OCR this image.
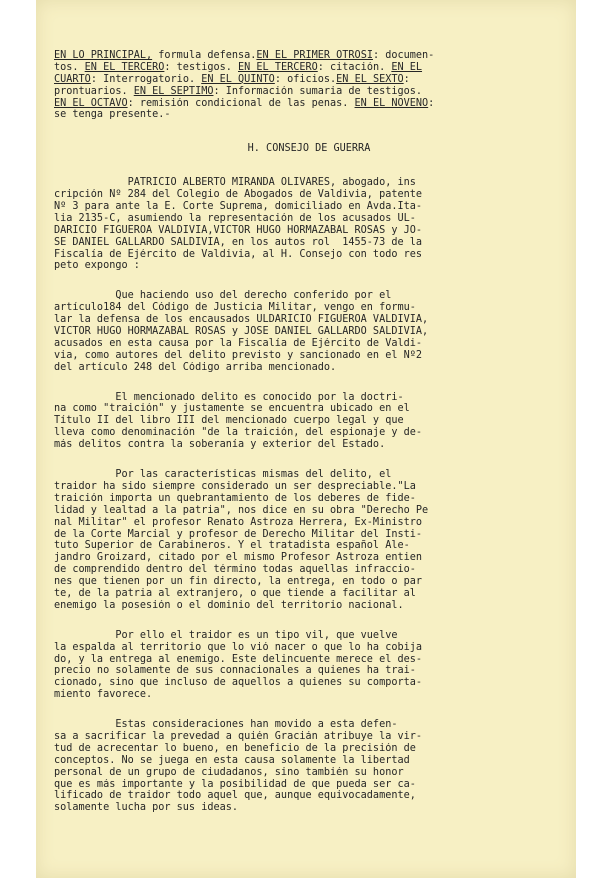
EN LO PRINCIPAL, formula defensa.EN EL PRIMER OTROSI: documen-
tos. EN EL TERCERO: testigos. EN EL TERCERO: citación. EN EL
CUARTO: Interrogatorio. EN EL QUINTO: oficios.EN EL SEXTO:
prontuarios. EN EL SEPTIMO: Información sumaria de testigos.
EN EL OCTAVO: remisión condicional de las penas. EN EL NOVENO:
se tenga presente.-
H. CONSEJO DE GUERRA
PATRICIO ALBERTO MIRANDA OLIVARES, abogado, ins
cripción Nº 284 del Colegio de Abogados de Valdivia, patente
Nº 3 para ante la E. Corte Suprema, domiciliado en Avda.Ita-
lia 2135-C, asumiendo la representación de los acusados UL-
DARICIO FIGUEROA VALDIVIA,VICTOR HUGO HORMAZABAL ROSAS y JO-
SE DANIEL GALLARDO SALDIVIA, en los autos rol  1455-73 de la
Fiscalía de Ejército de Valdivia, al H. Consejo con todo res
peto expongo :
Que haciendo uso del derecho conferido por el
artículo184 del Código de Justicia Militar, vengo en formu-
lar la defensa de los encausados ULDARICIO FIGUEROA VALDIVIA,
VICTOR HUGO HORMAZABAL ROSAS y JOSE DANIEL GALLARDO SALDIVIA,
acusados en esta causa por la Fiscalía de Ejército de Valdi-
via, como autores del delito previsto y sancionado en el Nº2
del artículo 248 del Código arriba mencionado.
El mencionado delito es conocido por la doctri-
na como "traición" y justamente se encuentra ubicado en el
Título II del libro III del mencionado cuerpo legal y que
lleva como denominación "de la traición, del espionaje y de-
más delitos contra la soberanía y exterior del Estado.
Por las características mismas del delito, el
traidor ha sido siempre considerado un ser despreciable."La
traición importa un quebrantamiento de los deberes de fide-
lidad y lealtad a la patria", nos dice en su obra "Derecho Pe
nal Militar" el profesor Renato Astroza Herrera, Ex-Ministro
de la Corte Marcial y profesor de Derecho Militar del Insti-
tuto Superior de Carabineros. Y el tratadista español Ale-
jandro Groizard, citado por el mismo Profesor Astroza entien
de comprendido dentro del término todas aquellas infraccio-
nes que tienen por un fin directo, la entrega, en todo o par
te, de la patria al extranjero, o que tiende a facilitar al
enemigo la posesión o el dominio del territorio nacional.
Por ello el traidor es un tipo vil, que vuelve
la espalda al territorio que lo vió nacer o que lo ha cobija
do, y la entrega al enemigo. Este delincuente merece el des-
precio no solamente de sus connacionales a quienes ha trai-
cionado, sino que incluso de aquellos a quienes su comporta-
miento favorece.
Estas consideraciones han movido a esta defen-
sa a sacrificar la prevedad a quién Gracián atribuye la vir-
tud de acrecentar lo bueno, en beneficio de la precisión de
conceptos. No se juega en esta causa solamente la libertad
personal de un grupo de ciudadanos, sino también su honor
que es más importante y la posibilidad de que pueda ser ca-
lificado de traidor todo aquel que, aunque equivocadamente,
solamente lucha por sus ideas.
